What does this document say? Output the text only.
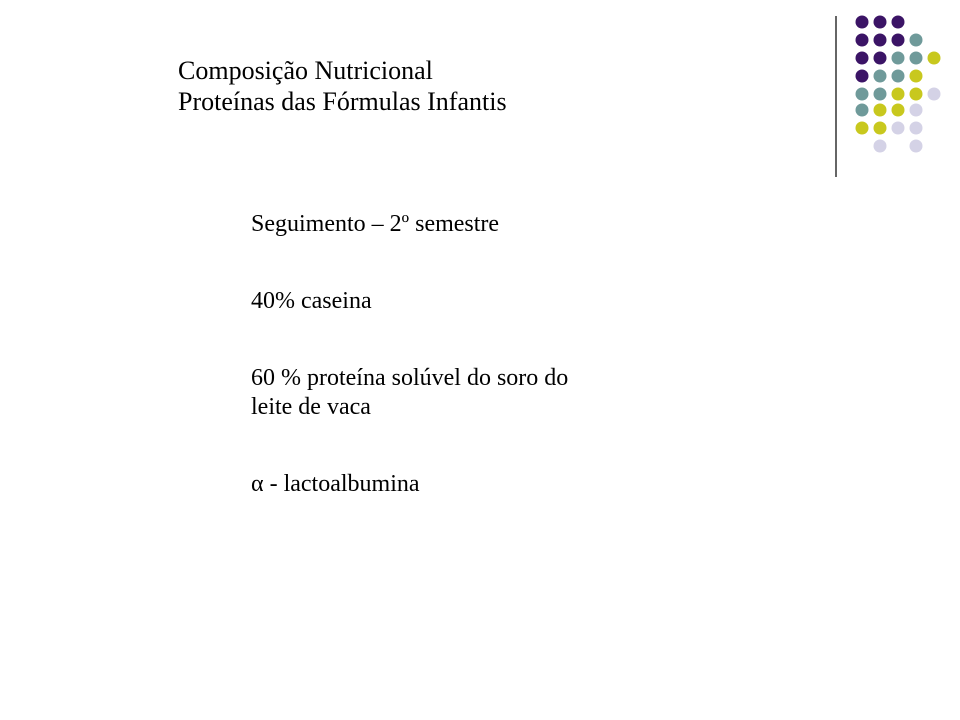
Composição Nutricional
Proteínas das Fórmulas Infantis
Seguimento – 2º semestre
40% caseina
60 % proteína solúvel do soro do
leite de vaca
α - lactoalbumina
